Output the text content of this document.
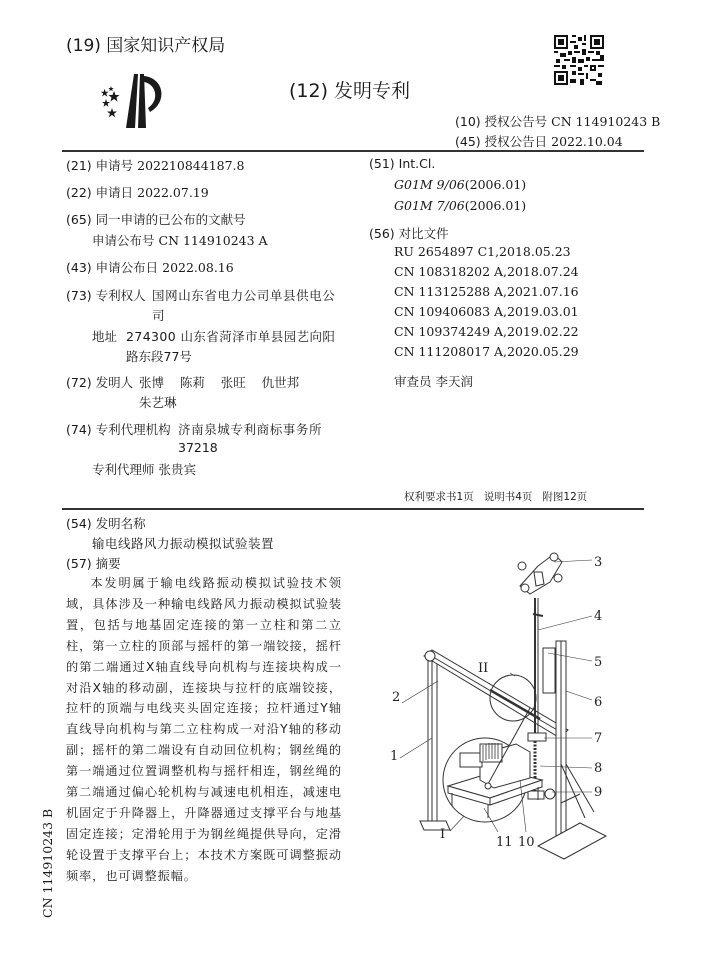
(19) 国家知识产权局
(12) 发明专利
(10) 授权公告号 CN 114910243 B
(45) 授权公告日 2022.10.04
(21) 申请号 202210844187.8
(22) 申请日 2022.07.19
(65) 同一申请的已公布的文献号
申请公布号 CN 114910243 A
(43) 申请公布日 2022.08.16
(73) 专利权人 国网山东省电力公司单县供电公
司
地址 274300 山东省菏泽市单县园艺向阳
路东段77号
(72) 发明人 张博    陈莉    张旺    仇世邦
朱艺琳
(74) 专利代理机构 济南泉城专利商标事务所
37218
专利代理师 张贵宾
(51) Int.Cl.
G01M 9/06(2006.01)
G01M 7/06(2006.01)
(56) 对比文件
RU 2654897 C1,2018.05.23
CN 108318202 A,2018.07.24
CN 113125288 A,2021.07.16
CN 109406083 A,2019.03.01
CN 109374249 A,2019.02.22
CN 111208017 A,2020.05.29
审查员 李天润
权利要求书1页   说明书4页   附图12页
(54) 发明名称
输电线路风力振动模拟试验装置
(57) 摘要

本发明属于输电线路振动模拟试验技术领域，具体涉及一种输电线路风力振动模拟试验装置，包括与地基固定连接的第一立柱和第二立柱，第一立柱的顶部与摇杆的第一端铰接，摇杆的第二端通过X轴直线导向机构与连接块构成一对沿X轴的移动副，连接块与拉杆的底端铰接，拉杆的顶端与电线夹头固定连接；拉杆通过Y轴直线导向机构与第二立柱构成一对沿Y轴的移动副；摇杆的第二端设有自动回位机构；钢丝绳的第一端通过位置调整机构与摇杆相连，钢丝绳的第二端通过偏心轮机构与减速电机相连，减速电机固定于升降器上，升降器通过支撑平台与地基固定连接；定滑轮用于为钢丝绳提供导向，定滑轮设置于支撑平台上；本技术方案既可调整振动频率，也可调整振幅。

CN 114910243 B
3
4
5
6
7
8
9
2
1
II
I
11 10
